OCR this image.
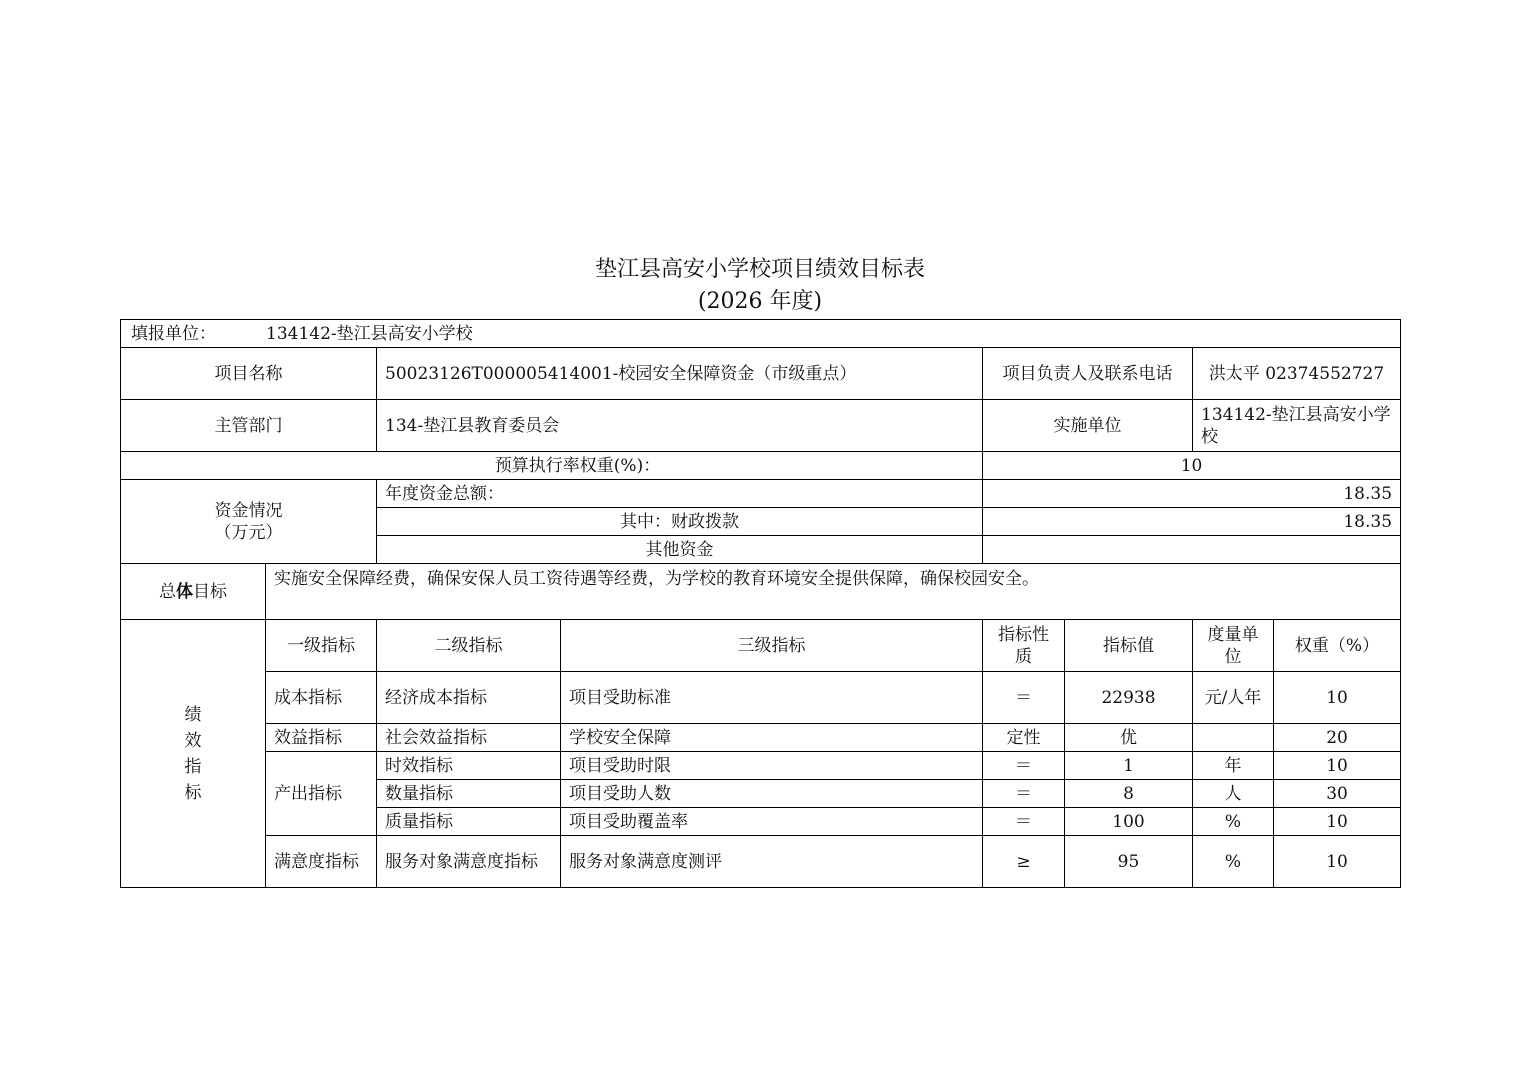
垫江县高安小学校项目绩效目标表
(2026 年度)
填报单位： 134142-垫江县高安小学校							
项目名称		50023126T000005414001-校园安全保障资金（市级重点）		项目负责人及联系电话		洪太平 02374552727	
主管部门		134-垫江县教育委员会		实施单位		134142-垫江县高安小学校	
预算执行率权重(%)：				10			

资金情况
（万元）		年度资金总额：		18.35			
		其中：财政拨款		18.35			
		其他资金					
总体目标	实施安全保障经费，确保安保人员工资待遇等经费，为学校的教育环境安全提供保障，确保校园安全。						

绩
效
指
标	一级指标	二级指标	三级指标	指标性质	指标值	度量单位	权重（%）
	成本指标	经济成本指标	项目受助标准	＝	22938	元/人年	10
	效益指标	社会效益指标	学校安全保障	定性	优		20
	产出指标	时效指标	项目受助时限	＝	1	年	10
		数量指标	项目受助人数	＝	8	人	30
		质量指标	项目受助覆盖率	＝	100	%	10
	满意度指标	服务对象满意度指标	服务对象满意度测评	≥	95	%	10
